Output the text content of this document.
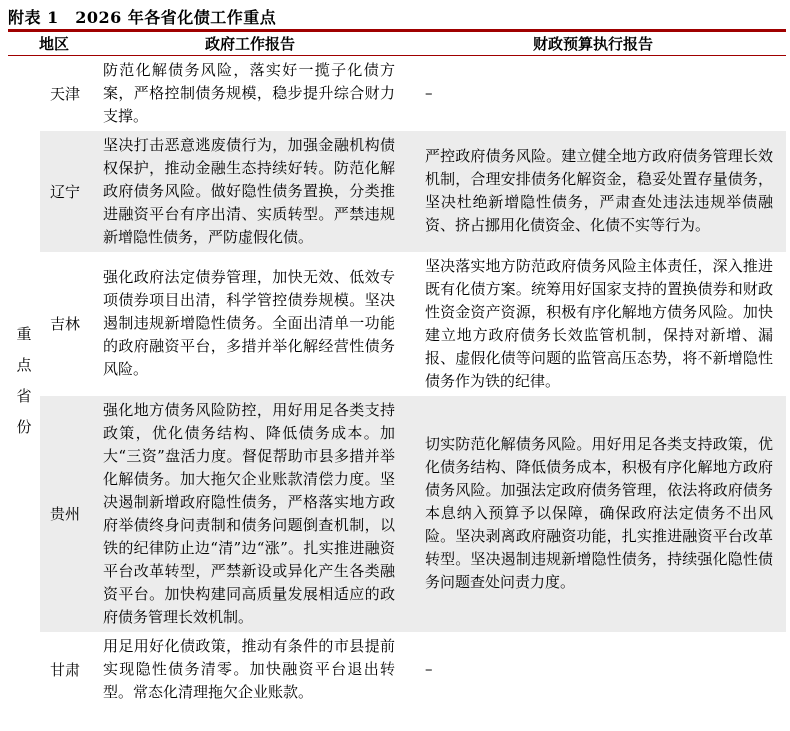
附表 1　2026 年各省化债工作重点
地区	政府工作报告	财政预算执行报告
重点省份
天津

防范化解债务风险，落实好一揽子化债方案，严格控制债务规模，稳步提升综合财力支撑。

–

辽宁

坚决打击恶意逃废债行为，加强金融机构债权保护，推动金融生态持续好转。防范化解政府债务风险。做好隐性债务置换，分类推进融资平台有序出清、实质转型。严禁违规新增隐性债务，严防虚假化债。

严控政府债务风险。建立健全地方政府债务管理长效机制，合理安排债务化解资金，稳妥处置存量债务，坚决杜绝新增隐性债务，严肃查处违法违规举债融资、挤占挪用化债资金、化债不实等行为。

吉林

强化政府法定债券管理，加快无效、低效专项债券项目出清，科学管控债券规模。坚决遏制违规新增隐性债务。全面出清单一功能的政府融资平台，多措并举化解经营性债务风险。

坚决落实地方防范政府债务风险主体责任，深入推进既有化债方案。统筹用好国家支持的置换债券和财政性资金资产资源，积极有序化解地方债务风险。加快建立地方政府债务长效监管机制，保持对新增、漏报、虚假化债等问题的监管高压态势，将不新增隐性债务作为铁的纪律。

贵州

强化地方债务风险防控，用好用足各类支持政策，优化债务结构、降低债务成本。加大“三资”盘活力度。督促帮助市县多措并举化解债务。加大拖欠企业账款清偿力度。坚决遏制新增政府隐性债务，严格落实地方政府举债终身问责制和债务问题倒查机制，以铁的纪律防止边“清”边“涨”。扎实推进融资平台改革转型，严禁新设或异化产生各类融资平台。加快构建同高质量发展相适应的政府债务管理长效机制。

切实防范化解债务风险。用好用足各类支持政策，优化债务结构、降低债务成本，积极有序化解地方政府债务风险。加强法定政府债务管理，依法将政府债务本息纳入预算予以保障，确保政府法定债务不出风险。坚决剥离政府融资功能，扎实推进融资平台改革转型。坚决遏制违规新增隐性债务，持续强化隐性债务问题查处问责力度。

甘肃

用足用好化债政策，推动有条件的市县提前实现隐性债务清零。加快融资平台退出转型。常态化清理拖欠企业账款。

–
